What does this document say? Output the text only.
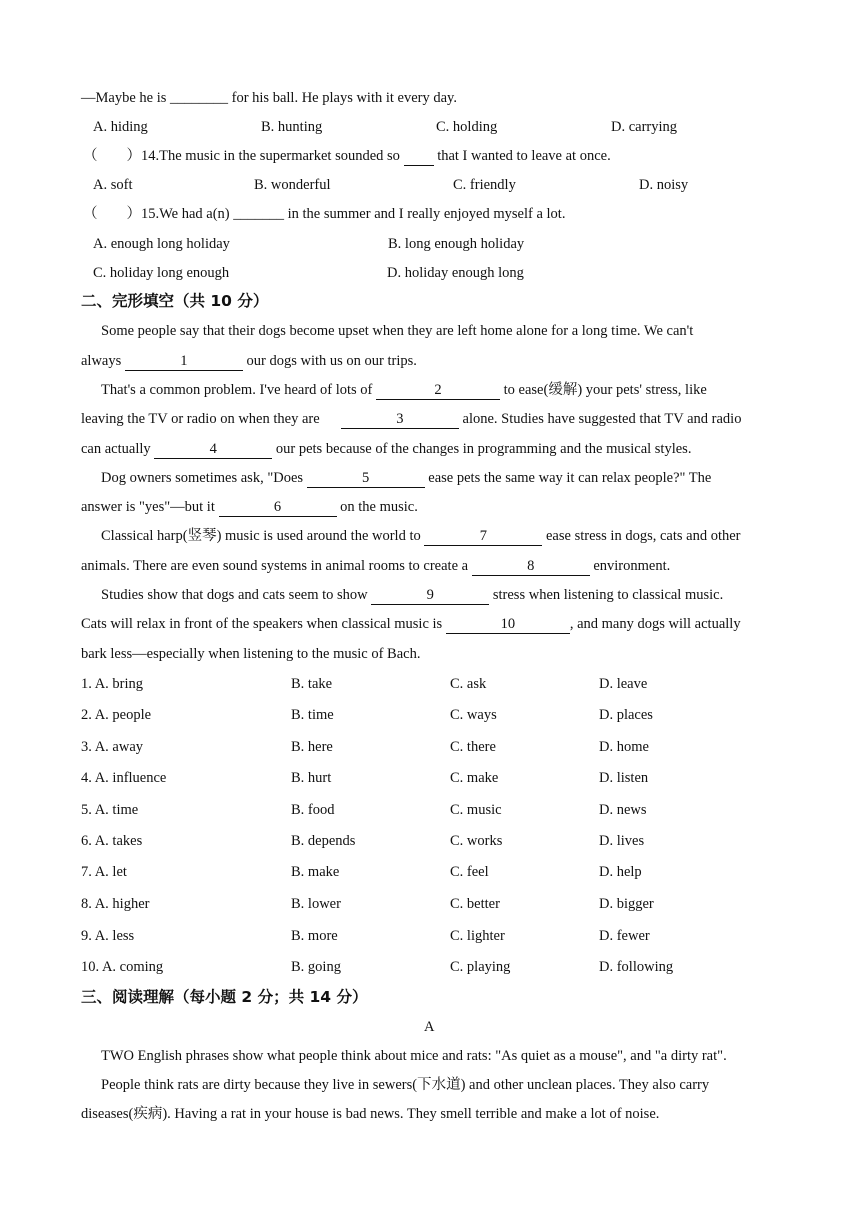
—Maybe he is ________ for his ball. He plays with it every day.
A. hiding	B. hunting	C. holding	D. carrying
（　　）14.The music in the supermarket sounded so	that I wanted to leave at once.
A. soft	B. wonderful	C. friendly	D. noisy
（　　）15.We had a(n) _______ in the summer and I really enjoyed myself a lot.
A. enough long holiday	B. long enough holiday
C. holiday long enough	D. holiday enough long
二、完形填空（共 10 分）
Some people say that their dogs become upset when they are left home alone for a long time. We can't
always	1	our dogs with us on our trips.
That's a common problem. I've heard of lots of	2	to ease(缓解) your pets' stress, like
leaving the TV or radio on when they are	3	alone. Studies have suggested that TV and radio
can actually	4	our pets because of the changes in programming and the musical styles.
Dog owners sometimes ask, "Does	5	ease pets the same way it can relax people?" The
answer is "yes"—but it	6	on the music.
Classical harp(竖琴) music is used around the world to	7	ease stress in dogs, cats and other
animals. There are even sound systems in animal rooms to create a	8	environment.
Studies show that dogs and cats seem to show	9	stress when listening to classical music.
Cats will relax in front of the speakers when classical music is	10	, and many dogs will actually
bark less—especially when listening to the music of Bach.
1. A. bring	B. take	C. ask	D. leave
2. A. people	B. time	C. ways	D. places
3. A. away	B. here	C. there	D. home
4. A. influence	B. hurt	C. make	D. listen
5. A. time	B. food	C. music	D. news
6. A. takes	B. depends	C. works	D. lives
7. A. let	B. make	C. feel	D. help
8. A. higher	B. lower	C. better	D. bigger
9. A. less	B. more	C. lighter	D. fewer
10. A. coming	B. going	C. playing	D. following
三、阅读理解（每小题 2 分；共 14 分）
A
TWO English phrases show what people think about mice and rats: "As quiet as a mouse", and "a dirty rat".
People think rats are dirty because they live in sewers(下水道) and other unclean places. They also carry
diseases(疾病). Having a rat in your house is bad news. They smell terrible and make a lot of noise.
